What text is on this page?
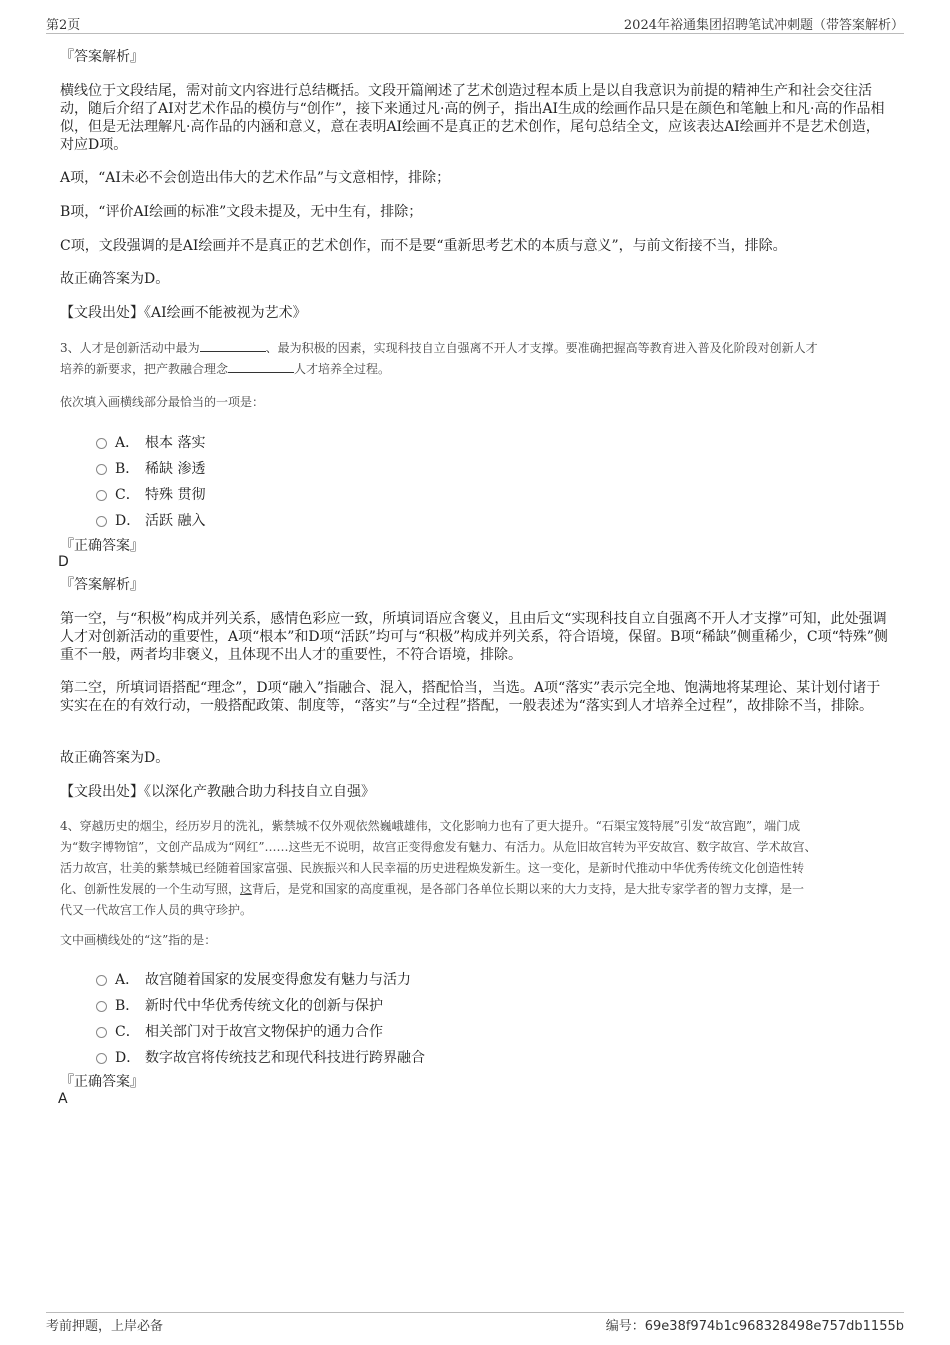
第2页	2024年裕通集团招聘笔试冲刺题（带答案解析）
『答案解析』
横线位于文段结尾，需对前文内容进行总结概括。文段开篇阐述了艺术创造过程本质上是以自我意识为前提的精神生产和社会交往活动，随后介绍了AI对艺术作品的模仿与“创作”，接下来通过凡·高的例子，指出AI生成的绘画作品只是在颜色和笔触上和凡·高的作品相似，但是无法理解凡·高作品的内涵和意义，意在表明AI绘画不是真正的艺术创作，尾句总结全文，应该表达AI绘画并不是艺术创造，对应D项。
A项，“AI未必不会创造出伟大的艺术作品”与文意相悖，排除；
B项，“评价AI绘画的标准”文段未提及，无中生有，排除；
C项，文段强调的是AI绘画并不是真正的艺术创作，而不是要“重新思考艺术的本质与意义”，与前文衔接不当，排除。
故正确答案为D。
【文段出处】《AI绘画不能被视为艺术》
3、人才是创新活动中最为	、最为积极的因素，实现科技自立自强离不开人才支撑。要准确把握高等教育进入普及化阶段对创新人才
培养的新要求，把产教融合理念	人才培养全过程。
依次填入画横线部分最恰当的一项是：
A． 根本 落实
B． 稀缺 渗透
C． 特殊 贯彻
D． 活跃 融入
『正确答案』
D
『答案解析』
第一空，与“积极”构成并列关系，感情色彩应一致，所填词语应含褒义，且由后文“实现科技自立自强离不开人才支撑”可知，此处强调人才对创新活动的重要性，A项“根本”和D项“活跃”均可与“积极”构成并列关系，符合语境，保留。B项“稀缺”侧重稀少，C项“特殊”侧重不一般，两者均非褒义，且体现不出人才的重要性，不符合语境，排除。
第二空，所填词语搭配“理念”，D项“融入”指融合、混入，搭配恰当，当选。A项“落实”表示完全地、饱满地将某理论、某计划付诸于实实在在的有效行动，一般搭配政策、制度等，“落实”与“全过程”搭配，一般表述为“落实到人才培养全过程”，故排除不当，排除。
故正确答案为D。
【文段出处】《以深化产教融合助力科技自立自强》
4、穿越历史的烟尘，经历岁月的洗礼，紫禁城不仅外观依然巍峨雄伟，文化影响力也有了更大提升。“石渠宝笈特展”引发“故宫跑”，端门成
为“数字博物馆”，文创产品成为“网红”……这些无不说明，故宫正变得愈发有魅力、有活力。从危旧故宫转为平安故宫、数字故宫、学术故宫、
活力故宫，壮美的紫禁城已经随着国家富强、民族振兴和人民幸福的历史进程焕发新生。这一变化，是新时代推动中华优秀传统文化创造性转
化、创新性发展的一个生动写照，这背后，是党和国家的高度重视，是各部门各单位长期以来的大力支持，是大批专家学者的智力支撑，是一
代又一代故宫工作人员的典守珍护。
文中画横线处的“这”指的是：
A． 故宫随着国家的发展变得愈发有魅力与活力
B． 新时代中华优秀传统文化的创新与保护
C． 相关部门对于故宫文物保护的通力合作
D． 数字故宫将传统技艺和现代科技进行跨界融合
『正确答案』
A
考前押题，上岸必备	编号：69e38f974b1c968328498e757db1155b
